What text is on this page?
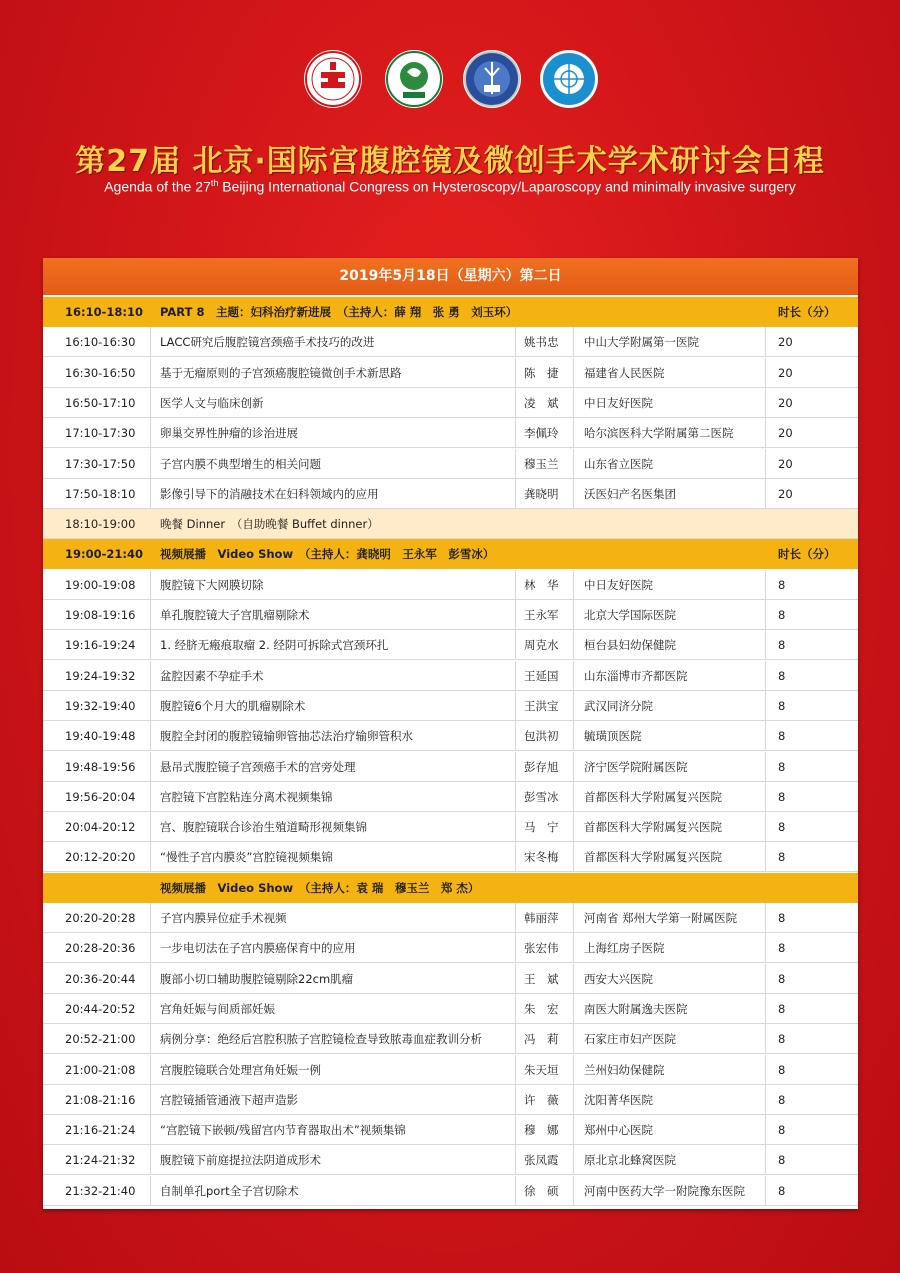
第27届 北京·国际宫腹腔镜及微创手术学术研讨会日程
Agenda of the 27th Beijing International Congress on Hysteroscopy/Laparoscopy and minimally invasive surgery
2019年5月18日（星期六）第二日
16:10-18:10	PART 8　主题：妇科治疗新进展　（主持人：薛 翔　张 勇　刘玉环）	时长（分）
16:10-16:30	LACC研究后腹腔镜宫颈癌手术技巧的改进	姚书忠	中山大学附属第一医院	20
16:30-16:50	基于无瘤原则的子宫颈癌腹腔镜微创手术新思路	陈　捷	福建省人民医院	20
16:50-17:10	医学人文与临床创新	凌　斌	中日友好医院	20
17:10-17:30	卵巢交界性肿瘤的诊治进展	李佩玲	哈尔滨医科大学附属第二医院	20
17:30-17:50	子宫内膜不典型增生的相关问题	穆玉兰	山东省立医院	20
17:50-18:10	影像引导下的消融技术在妇科领域内的应用	龚晓明	沃医妇产名医集团	20
18:10-19:00	晚餐 Dinner　（自助晚餐 Buffet dinner）
19:00-21:40	视频展播　Video Show　（主持人：龚晓明　王永军　彭雪冰）	时长（分）
19:00-19:08	腹腔镜下大网膜切除	林　华	中日友好医院	8
19:08-19:16	单孔腹腔镜大子宫肌瘤剔除术	王永军	北京大学国际医院	8
19:16-19:24	1. 经脐无瘢痕取瘤 2. 经阴可拆除式宫颈环扎	周克水	桓台县妇幼保健院	8
19:24-19:32	盆腔因素不孕症手术	王延国	山东淄博市齐都医院	8
19:32-19:40	腹腔镜6个月大的肌瘤剔除术	王洪宝	武汉同济分院	8
19:40-19:48	腹腔全封闭的腹腔镜输卵管抽芯法治疗输卵管积水	包洪初	毓璜顶医院	8
19:48-19:56	悬吊式腹腔镜子宫颈癌手术的宫旁处理	彭存旭	济宁医学院附属医院	8
19:56-20:04	宫腔镜下宫腔粘连分离术视频集锦	彭雪冰	首都医科大学附属复兴医院	8
20:04-20:12	宫、腹腔镜联合诊治生殖道畸形视频集锦	马　宁	首都医科大学附属复兴医院	8
20:12-20:20	“慢性子宫内膜炎”宫腔镜视频集锦	宋冬梅	首都医科大学附属复兴医院	8
视频展播　Video Show　（主持人：袁 瑞　穆玉兰　郑 杰）
20:20-20:28	子宫内膜异位症手术视频	韩丽萍	河南省 郑州大学第一附属医院	8
20:28-20:36	一步电切法在子宫内膜癌保育中的应用	张宏伟	上海红房子医院	8
20:36-20:44	腹部小切口辅助腹腔镜剔除22cm肌瘤	王　斌	西安大兴医院	8
20:44-20:52	宫角妊娠与间质部妊娠	朱　宏	南医大附属逸夫医院	8
20:52-21:00	病例分享：绝经后宫腔积脓子宫腔镜检查导致脓毒血症教训分析	冯　莉	石家庄市妇产医院	8
21:00-21:08	宫腹腔镜联合处理宫角妊娠一例	朱天垣	兰州妇幼保健院	8
21:08-21:16	宫腔镜插管通液下超声造影	许　薇	沈阳菁华医院	8
21:16-21:24	“宫腔镜下嵌顿/残留宫内节育器取出术”视频集锦	穆　娜	郑州中心医院	8
21:24-21:32	腹腔镜下前庭提拉法阴道成形术	张凤霞	原北京北蜂窝医院	8
21:32-21:40	自制单孔port全子宫切除术	徐　硕	河南中医药大学一附院豫东医院	8
